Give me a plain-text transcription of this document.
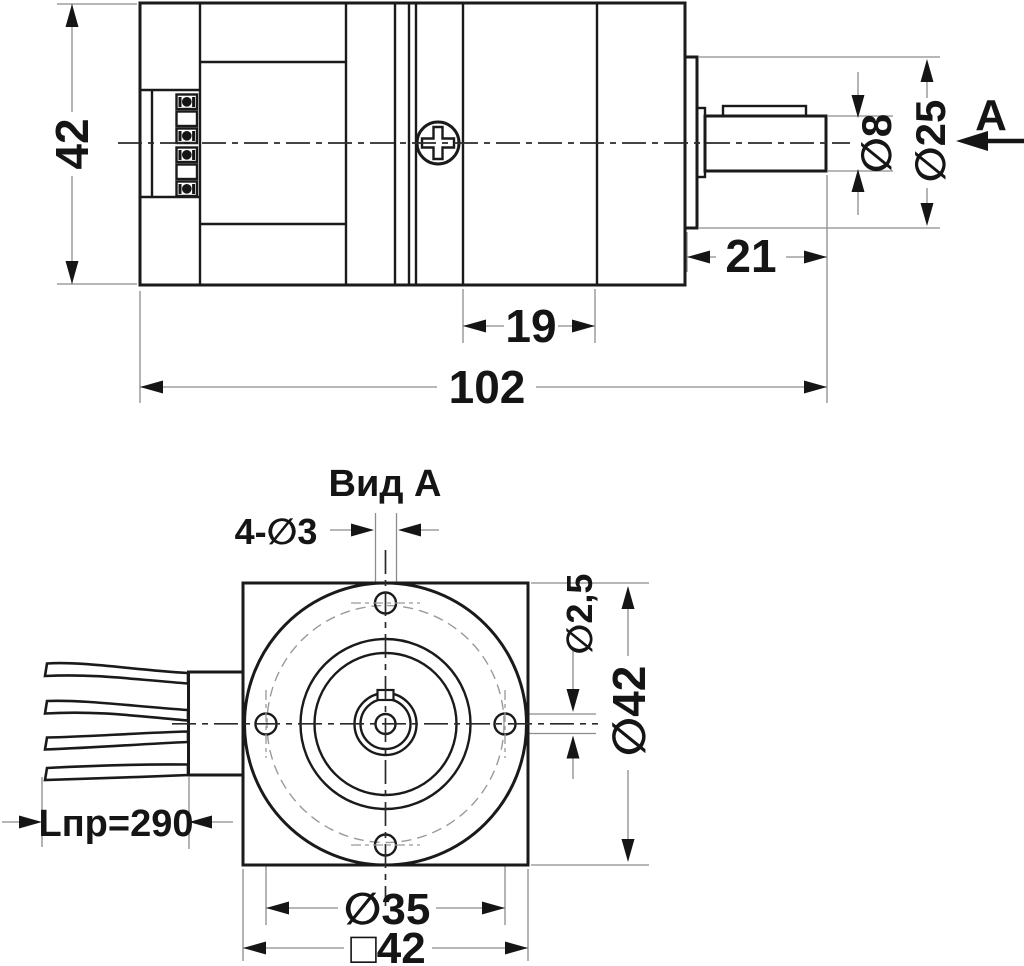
42
102
19
21
∅8 ∅25 А
Вид А
4-∅3
∅2,5
∅42
∅35
□42
Lпр=290
